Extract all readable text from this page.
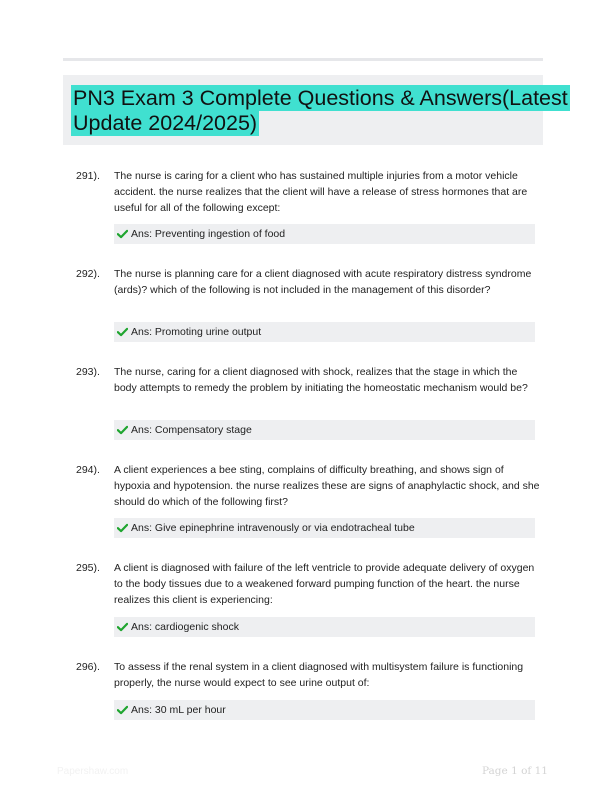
PN3 Exam 3 Complete Questions & Answers(Latest Update 2024/2025)
291). The nurse is caring for a client who has sustained multiple injuries from a motor vehicle accident. the nurse realizes that the client will have a release of stress hormones that are useful for all of the following except:

Ans: Preventing ingestion of food
292). The nurse is planning care for a client diagnosed with acute respiratory distress syndrome (ards)? which of the following is not included in the management of this disorder?

Ans: Promoting urine output
293). The nurse, caring for a client diagnosed with shock, realizes that the stage in which the body attempts to remedy the problem by initiating the homeostatic mechanism would be?

Ans: Compensatory stage
294). A client experiences a bee sting, complains of difficulty breathing, and shows sign of hypoxia and hypotension. the nurse realizes these are signs of anaphylactic shock, and she should do which of the following first?

Ans: Give epinephrine intravenously or via endotracheal tube
295). A client is diagnosed with failure of the left ventricle to provide adequate delivery of oxygen to the body tissues due to a weakened forward pumping function of the heart. the nurse realizes this client is experiencing:

Ans: cardiogenic shock
296). To assess if the renal system in a client diagnosed with multisystem failure is functioning properly, the nurse would expect to see urine output of:

Ans: 30 mL per hour
Papershaw.com	Page 1 of 11
